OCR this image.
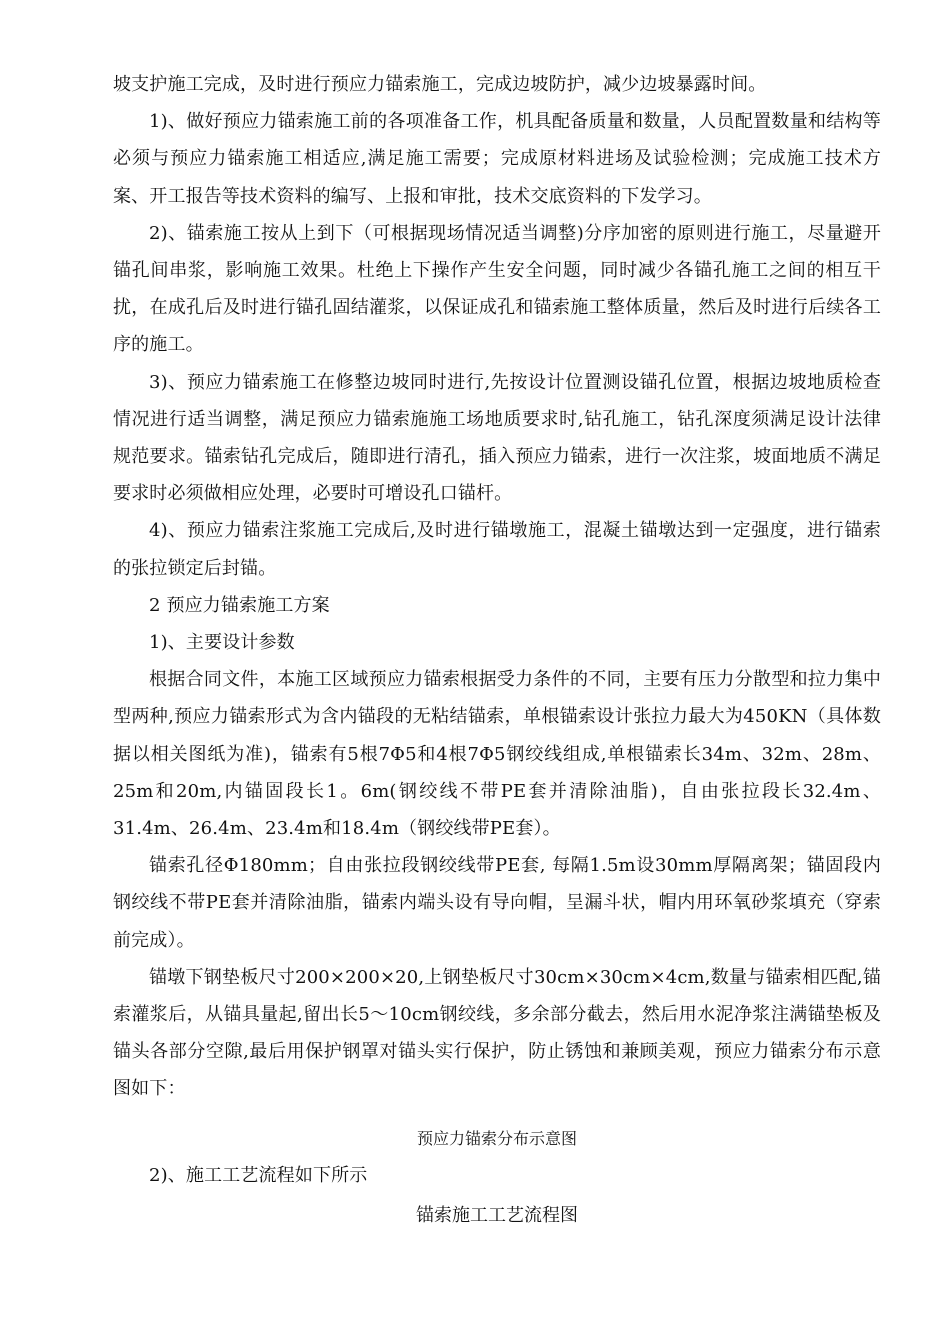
坡支护施工完成，及时进行预应力锚索施工，完成边坡防护，减少边坡暴露时间。

1)、做好预应力锚索施工前的各项准备工作，机具配备质量和数量，人员配置数量和结构等必须与预应力锚索施工相适应,满足施工需要；完成原材料进场及试验检测；完成施工技术方案、开工报告等技术资料的编写、上报和审批，技术交底资料的下发学习。

2)、锚索施工按从上到下（可根据现场情况适当调整)分序加密的原则进行施工，尽量避开锚孔间串浆，影响施工效果。杜绝上下操作产生安全问题，同时减少各锚孔施工之间的相互干扰，在成孔后及时进行锚孔固结灌浆，以保证成孔和锚索施工整体质量，然后及时进行后续各工序的施工。

3)、预应力锚索施工在修整边坡同时进行,先按设计位置测设锚孔位置，根据边坡地质检查情况进行适当调整，满足预应力锚索施施工场地质要求时,钻孔施工，钻孔深度须满足设计法律规范要求。锚索钻孔完成后，随即进行清孔，插入预应力锚索，进行一次注浆，坡面地质不满足要求时必须做相应处理，必要时可增设孔口锚杆。

4)、预应力锚索注浆施工完成后,及时进行锚墩施工，混凝土锚墩达到一定强度，进行锚索的张拉锁定后封锚。

2 预应力锚索施工方案

1)、主要设计参数

根据合同文件，本施工区域预应力锚索根据受力条件的不同，主要有压力分散型和拉力集中型两种,预应力锚索形式为含内锚段的无粘结锚索，单根锚索设计张拉力最大为450KN（具体数据以相关图纸为准)，锚索有5根7Φ5和4根7Φ5钢绞线组成,单根锚索长34m、32m、28m、25m和20m,内锚固段长1。6m(钢绞线不带PE套并清除油脂)，自由张拉段长32.4m、31.4m、26.4m、23.4m和18.4m（钢绞线带PE套）。

锚索孔径Φ180mm；自由张拉段钢绞线带PE套, 每隔1.5m设30mm厚隔离架；锚固段内钢绞线不带PE套并清除油脂，锚索内端头设有导向帽，呈漏斗状，帽内用环氧砂浆填充（穿索前完成）。

锚墩下钢垫板尺寸200×200×20,上钢垫板尺寸30cm×30cm×4cm,数量与锚索相匹配,锚索灌浆后，从锚具量起,留出长5～10cm钢绞线，多余部分截去，然后用水泥净浆注满锚垫板及锚头各部分空隙,最后用保护钢罩对锚头实行保护，防止锈蚀和兼顾美观，预应力锚索分布示意图如下：

预应力锚索分布示意图

2)、施工工艺流程如下所示

锚索施工工艺流程图
